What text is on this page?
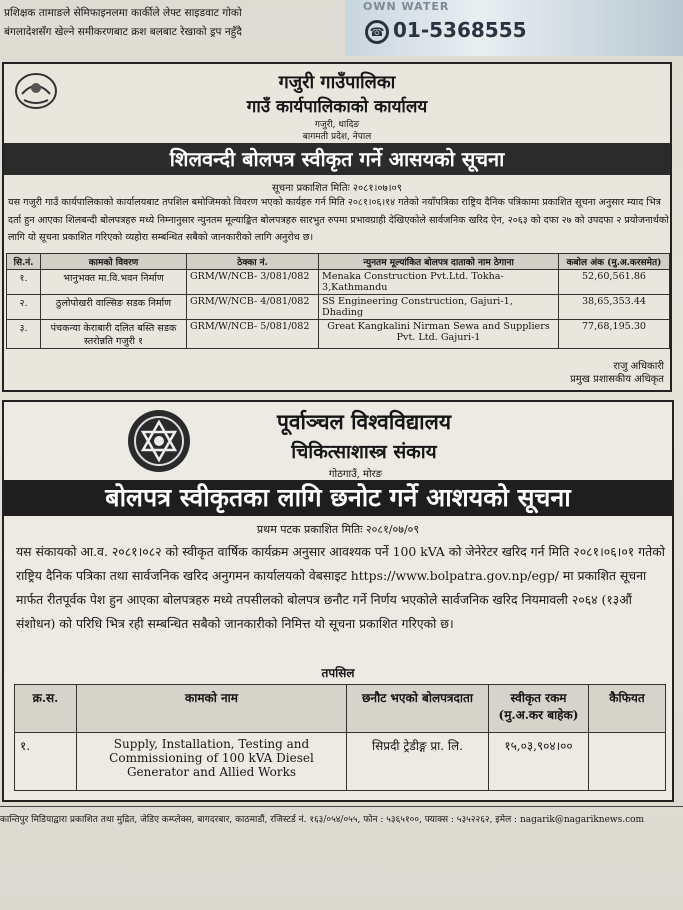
प्रशिक्षक तामाङले सेमिफाइनलमा कार्कीले लेफ्ट साइडवाट गोको
बंगलादेशसँग खेल्ने समीकरणबाट क्रश बलबाट रेखाको ड्रप नहुँदै
OWN WATER
☎ 01-5368555
गजुरी गाउँपालिका
गाउँ कार्यपालिकाको कार्यालय
गजुरी, धादिङ
बागमती प्रदेश, नेपाल
शिलवन्दी बोलपत्र स्वीकृत गर्ने आसयको सूचना
सूचना प्रकाशित मितिः २०८१।०७।०९
यस गजुरी गाउँ कार्यपालिकाको कार्यालयबाट तपशिल बमोजिमको विवरण भएको कार्यहरु गर्न मिति २०८१।०६।१४ गतेको नयाँपत्रिका राष्ट्रिय दैनिक पत्रिकामा प्रकाशित सूचना अनुसार म्याद भित्र दर्ता हुन आएका शिलबन्दी बोलपत्रहरु मध्ये निम्नानुसार न्युनतम मूल्याङ्कित बोलपत्रहरु सारभुत रुपमा प्रभावग्राही देखिएकोले सार्वजनिक खरिद ऐन, २०६३ को दफा २७ को उपदफा २ प्रयोजनार्थको लागि यो सूचना प्रकाशित गरिएको व्यहोरा सम्बन्धित सबैको जानकारीको लागि अनुरोध छ।
सि.नं.	कामको विवरण	ठेक्का नं.	न्युनतम मूल्यांकित बोलपत्र दाताको नाम ठेगाना	कबोल अंक (मु.अ.करसमेत)
१.	भानुभक्त मा.वि.भवन निर्माण	GRM/W/NCB- 3/081/082	Menaka Construction Pvt.Ltd. Tokha-3,Kathmandu	52,60,561.86
२.	ठुलोपोखरी वाल्सिङ सडक निर्माण	GRM/W/NCB- 4/081/082	SS Engineering Construction, Gajuri-1, Dhading	38,65,353.44
३.	पंचकन्या केराबारी दलित बस्ति सडक स्तरोन्नति गजुरी १	GRM/W/NCB- 5/081/082	Great Kangkalini Nirman Sewa and Suppliers Pvt. Ltd. Gajuri-1	77,68,195.30
राजु अधिकारी
प्रमुख प्रशासकीय अधिकृत
पूर्वाञ्चल विश्वविद्यालय
चिकित्साशास्त्र संकाय
गोठगाउँ, मोरङ
बोलपत्र स्वीकृतका लागि छनोट गर्ने आशयको सूचना
प्रथम पटक प्रकाशित मितिः २०८१/०७/०९
यस संकायको आ.व. २०८१।०८२ को स्वीकृत वार्षिक कार्यक्रम अनुसार आवश्यक पर्ने 100 kVA को जेनेरेटर खरिद गर्न मिति २०८१।०६।०१ गतेको राष्ट्रिय दैनिक पत्रिका तथा सार्वजनिक खरिद अनुगमन कार्यालयको वेबसाइट https://www.bolpatra.gov.np/egp/ मा प्रकाशित सूचना मार्फत रीतपूर्वक पेश हुन आएका बोलपत्रहरु मध्ये तपसीलको बोलपत्र छनौट गर्ने निर्णय भएकोले सार्वजनिक खरिद नियमावली २०६४ (१३औं संशोधन) को परिधि भित्र रही सम्बन्धित सबैको जानकारीको निमित्त यो सूचना प्रकाशित गरिएको छ।
तपसिल
क्र.स.	कामको नाम	छनौट भएको बोलपत्रदाता	स्वीकृत रकम (मु.अ.कर बाहेक)	कैफियत
१.	Supply, Installation, Testing and Commissioning of 100 kVA Diesel Generator and Allied Works	सिप्रदी ट्रेडीङ्ग प्रा. लि.	१५,०३,९०४।००	
कान्तिपुर मिडियाद्वारा प्रकाशित तथा मुद्रित, जेडिए कम्प्लेक्स, बागदरबार, काठमाडौं, रजिस्टर्ड नं. १६३/०५४/०५५, फोन : ५३६५१००, फ्याक्स : ५३५२२६२, इमेल : nagarik@nagariknews.com
